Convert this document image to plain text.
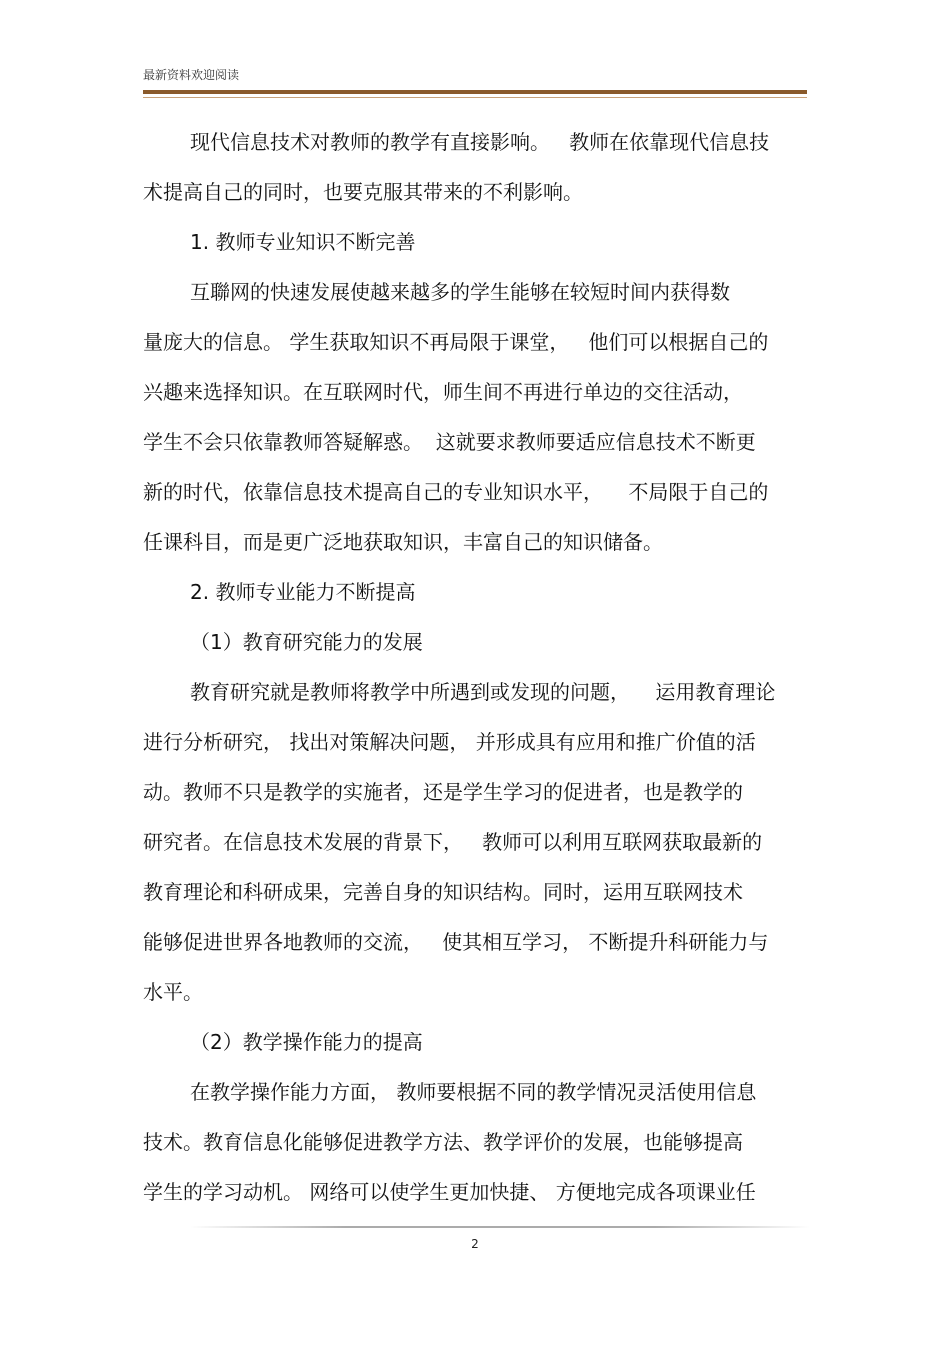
最新资料欢迎阅读
现代信息技术对教师的教学有直接影响。   教师在依靠现代信息技
术提高自己的同时，也要克服其带来的不利影响。
1. 教师专业知识不断完善
互聯网的快速发展使越来越多的学生能够在较短时间内获得数
量庞大的信息。 学生获取知识不再局限于课堂，   他们可以根据自己的
兴趣来选择知识。在互联网时代，师生间不再进行单边的交往活动，
学生不会只依靠教师答疑解惑。  这就要求教师要适应信息技术不断更
新的时代，依靠信息技术提高自己的专业知识水平，    不局限于自己的
任课科目，而是更广泛地获取知识，丰富自己的知识储备。
2. 教师专业能力不断提高
（1）教育研究能力的发展
教育研究就是教师将教学中所遇到或发现的问题，    运用教育理论
进行分析研究， 找出对策解决问题， 并形成具有应用和推广价值的活
动。教师不只是教学的实施者，还是学生学习的促进者，也是教学的
研究者。在信息技术发展的背景下，   教师可以利用互联网获取最新的
教育理论和科研成果，完善自身的知识结构。同时，运用互联网技术
能够促进世界各地教师的交流，   使其相互学习， 不断提升科研能力与
水平。
（2）教学操作能力的提高
在教学操作能力方面， 教师要根据不同的教学情况灵活使用信息
技术。教育信息化能够促进教学方法、教学评价的发展，也能够提高
学生的学习动机。 网络可以使学生更加快捷、 方便地完成各项课业任
2
